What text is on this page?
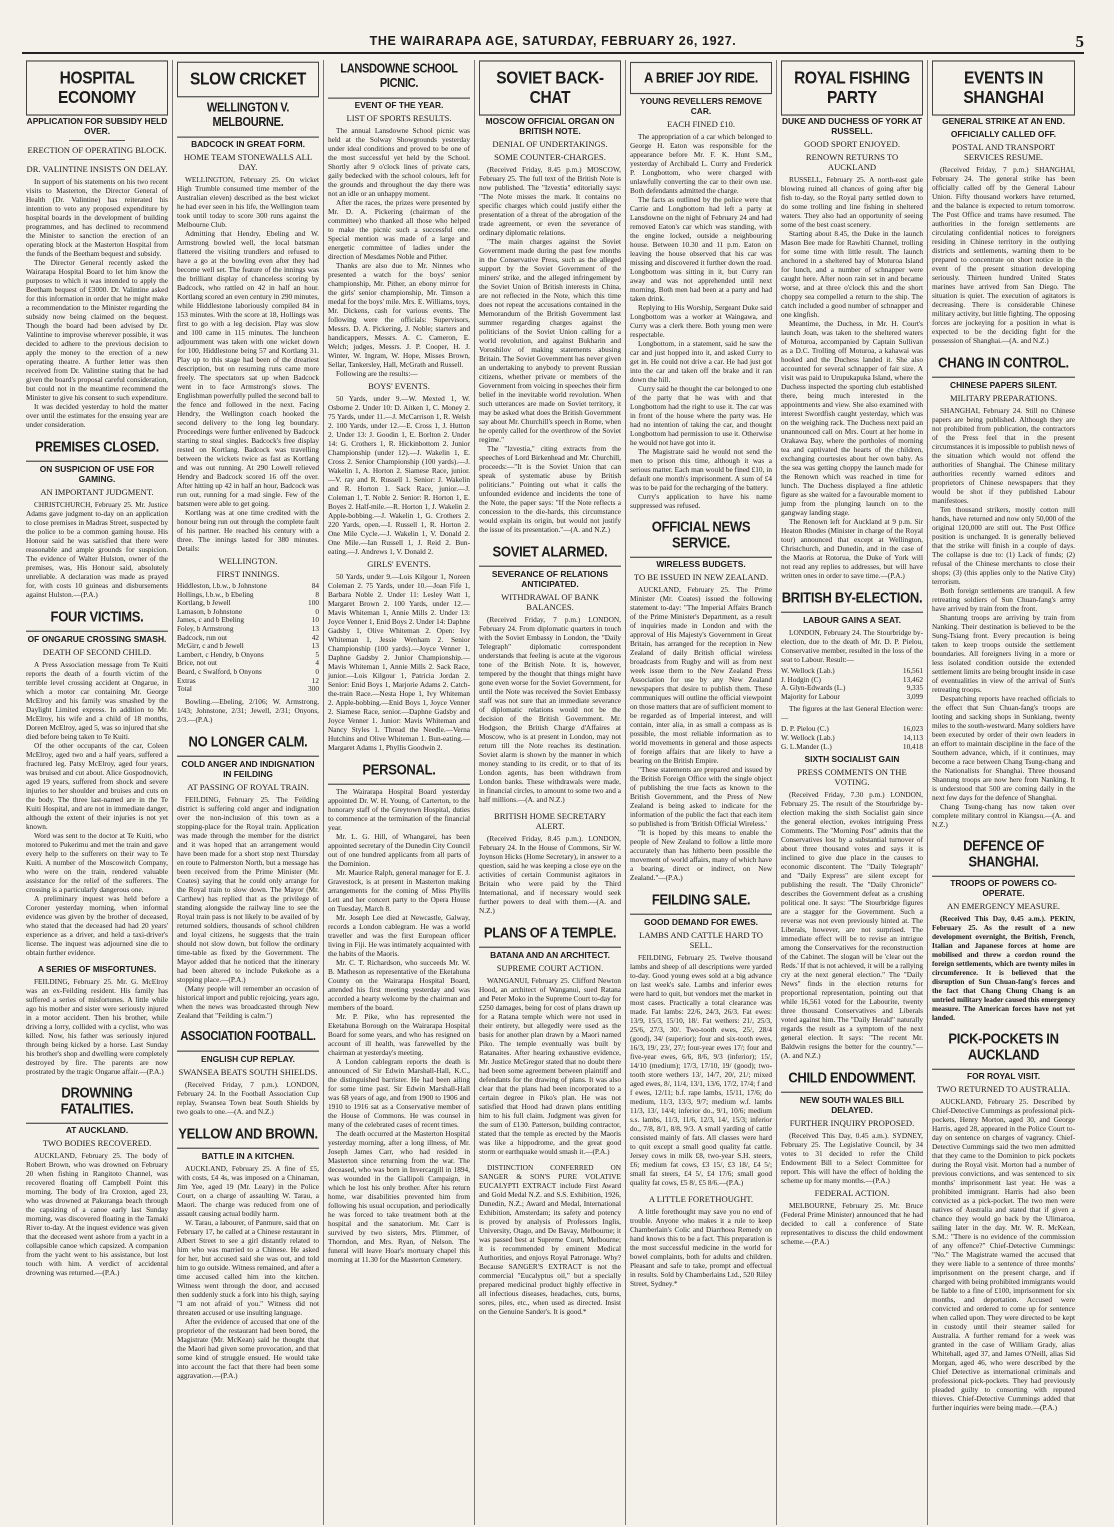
THE WAIRARAPA AGE, SATURDAY, FEBRUARY 26, 1927.	5
HOSPITAL ECONOMY
APPLICATION FOR SUBSIDY HELD OVER.
ERECTION OF OPERATING BLOCK.
DR. VALINTINE INSISTS ON DELAY.

In support of his statements on his two recent visits to Masterton, the Director General of Health (Dr. Valintine) has reiterated his intention to veto any proposed expenditure by hospital boards in the development of building programmes, and has declined to recommend the Minister to sanction the erection of an operating block at the Masterton Hospital from the funds of the Beetham bequest and subsidy.

The Director General recently asked the Wairarapa Hospital Board to let him know the purposes to which it was intended to apply the Beetham bequest of £3000. Dr. Valintine asked for this information in order that he might make a recommendation to the Minister regarding the subsidy now being claimed on the bequest. Though the board had been advised by Dr. Valintine to improvise wherever possible, it was decided to adhere to the previous decision to apply the money to the erection of a new operating theatre. A further letter was then received from Dr. Valintine stating that he had given the board's proposal careful consideration, but could not in the meantime recommend the Minister to give his consent to such expenditure.

It was decided yesterday to hold the matter over until the estimates for the ensuing year are under consideration.

PREMISES CLOSED.
ON SUSPICION OF USE FOR GAMING.
AN IMPORTANT JUDGMENT.

CHRISTCHURCH, February 25. Mr. Justice Adams gave judgment to-day on an application to close premises in Madras Street, suspected by the police to be a common gaming house. His Honour said he was satisfied that there were reasonable and ample grounds for suspicion. The evidence of Walter Hulston, owner of the premises, was, His Honour said, absolutely unreliable. A declaration was made as prayed for, with costs 10 guineas and disbursements against Hulston.—(P.A.)

FOUR VICTIMS.
OF ONGARUE CROSSING SMASH.
DEATH OF SECOND CHILD.

A Press Association message from Te Kuiti reports the death of a fourth victim of the terrible level crossing accident at Ongarue, in which a motor car containing Mr. George McElroy and his family was smashed by the Daylight Limited express. In addition to Mr. McElroy, his wife and a child of 18 months, Doreen McElroy, aged 5, was so injured that she died before being taken to Te Kuiti.

Of the other occupants of the car, Coleen McElroy, aged two and a half years, suffered a fractured leg. Patsy McElroy, aged four years, was bruised and cut about. Alice Gospodnovich, aged 19 years, suffered from shock and severe injuries to her shoulder and bruises and cuts on the body. The three last-named are in the Te Kuiti Hospital, and are not in immediate danger, although the extent of their injuries is not yet known.

Word was sent to the doctor at Te Kuiti, who motored to Pukerimu and met the train and gave every help to the sufferers on their way to Te Kuiti. A number of the Moscowitch Company, who were on the train, rendered valuable assistance for the relief of the sufferers. The crossing is a particularly dangerous one.

A preliminary inquest was held before a Coroner yesterday morning, when informal evidence was given by the brother of deceased, who stated that the deceased had had 20 years' experience as a driver, and held a taxi-driver's license. The inquest was adjourned sine die to obtain further evidence.

A SERIES OF MISFORTUNES.

FEILDING, February 25. Mr. G. McElroy was an ex-Feilding resident. His family has suffered a series of misfortunes. A little while ago his mother and sister were seriously injured in a motor accident. Then his brother, while driving a lorry, collided with a cyclist, who was killed. Now, his father was seriously injured through being kicked by a horse. Last Sunday his brother's shop and dwelling were completely destroyed by fire. The parents are now prostrated by the tragic Ongarue affair.—(P.A.)

DROWNING FATALITIES.
AT AUCKLAND.
TWO BODIES RECOVERED.

AUCKLAND, February 25. The body of Robert Brown, who was drowned on February 20 when fishing in Rangitoto Channel, was recovered floating off Campbell Point this morning. The body of Ira Croxton, aged 23, who was drowned at Pakuranga beach through the capsizing of a canoe early last Sunday morning, was discovered floating in the Tamaki River to-day. At the inquest evidence was given that the deceased went ashore from a yacht in a collapsible canoe which capsized. A companion from the yacht went to his assistance, but lost touch with him. A verdict of accidental drowning was returned.—(P.A.)

SLOW CRICKET
WELLINGTON V. MELBOURNE.
BADCOCK IN GREAT FORM.
HOME TEAM STONEWALLS ALL DAY.

WELLINGTON, February 25. On wicket High Trumble consumed time member of the Australian eleven) described as the best wicket he had ever seen in his life, the Wellington team took until today to score 300 runs against the Melbourne Club.

Admitting that Hendry, Ebeling and W. Armstrong bowled well, the local batsman flattered the visiting trundlers and refused to have a go at the bowling even after they had become well set. The feature of the innings was the brilliant display of chanceless scoring by Badcock, who rattled on 42 in half an hour. Kortlang scored an even century in 290 minutes, while Hiddlestone laboriously compiled 84 in 153 minutes. With the score at 18, Hollings was first to go with a leg decision. Play was slow and 100 came in 115 minutes. The luncheon adjournment was taken with one wicket down for 100, Hiddlestone being 57 and Kortlang 31. Play up to this stage had been of the dreariest description, but on resuming runs came more freely. The spectators sat up when Badcock went in to face Armstrong's slows. The Englishman powerfully pulled the second ball to the fence and followed in the next. Facing Hendry, the Wellington coach hooked the second delivery to the long leg boundary. Proceedings were further enlivened by Badcock starting to steal singles. Badcock's free display rested on Kortlang. Badcock was travelling between the wickets twice as fast as Kortlang and was out running. At 290 Lowell relieved Hendry and Badcock scored 16 off the over. After hitting up 42 in half an hour, Badcock was run out, running for a mad single. Few of the batsmen were able to get going.

Kortlang was at one time credited with the honour being run out through the complete fault of his partner. He reached his century with a three. The innings lasted for 380 minutes. Details:

WELLINGTON.
FIRST INNINGS.
Hiddleston, l.b.w., b Johnstone	84
Hollings, l.b.w., b Ebeling	8
Kortlang, b Jewell	100
Lamason, b Johnstone	0
James, c and b Ebeling	10
Foley, b Armstrong	13
Badcock, run out	42
McGirr, c and b Jewell	13
Lambert, c Hendry, b Onyons	5
Brice, not out	4
Beard, c Swalford, b Onyons	0
Extras	12
Total	300

Bowling.—Ebeling, 2/106; W. Armstrong, 1/43; Johnstone, 2/31; Jewell, 2/31; Onyons, 2/3.—(P.A.)

NO LONGER CALM.
COLD ANGER AND INDIGNATION IN FEILDING
AT PASSING OF ROYAL TRAIN.

FEILDING, February 25. The Feilding district is suffering cold anger and indignation over the non-inclusion of this town as a stopping-place for the Royal train. Application was made through the member for the district and it was hoped that an arrangement would have been made for a short stop next Thursday en route to Palmerston North, but a message has been received from the Prime Minister (Mr. Coates) saying that he could only arrange for the Royal train to slow down. The Mayor (Mr. Carthew) has replied that as the privilege of standing alongside the railway line to see the Royal train pass is not likely to be availed of by returned soldiers, thousands of school children and loyal citizens, he suggests that the train should not slow down, but follow the ordinary time-table as fixed by the Government. The Mayor added that he noticed that the itinerary had been altered to include Pukekohe as a stopping place.—(P.A.)

(Many people will remember an occasion of historical import and public rejoicing, years ago, when the news was broadcasted through New Zealand that "Feilding is calm.")

ASSOCIATION FOOTBALL.
ENGLISH CUP REPLAY.
SWANSEA BEATS SOUTH SHIELDS.

(Received Friday, 7 p.m.). LONDON, February 24. In the Football Association Cup replay, Swansea Town beat South Shields by two goals to one.—(A. and N.Z.)

YELLOW AND BROWN.
BATTLE IN A KITCHEN.

AUCKLAND, February 25. A fine of £5, with costs, £4 4s, was imposed on a Chinaman, Jim Yee, aged 19 (Mr. Leary) in the Police Court, on a charge of assaulting W. Tarau, a Maori. The charge was reduced from one of assault causing actual bodily harm.

W. Tarau, a labourer, of Panmure, said that on February 17, he called at a Chinese restaurant in Albert Street to see a girl distantly related to him who was married to a Chinese. He asked for her, but accused said she was out, and told him to go outside. Witness remained, and after a time accused called him into the kitchen. Witness went through the door, and accused then suddenly stuck a fork into his thigh, saying "I am not afraid of you." Witness did not threaten accused or use insulting language.

After the evidence of accused that one of the proprietor of the restaurant had been bored, the Magistrate (Mr. McKean) said he thought that the Maori had given some provocation, and that some kind of struggle ensued. He would take into account the fact that there had been some aggravation.—(P.A.)

LANSDOWNE SCHOOL PICNIC.
EVENT OF THE YEAR.
LIST OF SPORTS RESULTS.

The annual Lansdowne School picnic was held at the Solway Showgrounds yesterday under ideal conditions and proved to be one of the most successful yet held by the School. Shortly after 9 o'clock lines of private cars, gaily bedecked with the school colours, left for the grounds and throughout the day there was not an idle or an unhappy moment.

After the races, the prizes were presented by Mr. D. A. Pickering (chairman of the committee) who thanked all those who helped to make the picnic such a successful one. Special mention was made of a large and energetic committee of ladies under the direction of Mesdames Noble and Pither.

Thanks are also due to Mr. Ninnes who presented a watch for the boys' senior championship, Mr. Pither, an ebony mirror for the girls' senior championship, Mr. Timson a medal for the boys' mile. Mrs. E. Williams, toys, Mr. Dickens, cash for various events. The following were the officials: Supervisors, Messrs. D. A. Pickering, J. Noble; starters and handicappers, Messrs. A. C. Cameron, E. Welch; judges, Messrs. J. P. Cooper, H. J. Winter, W. Ingram, W. Hope, Misses Brown, Sellar, Tankersley, Hall, McGrath and Russell.

Following are the results:—

BOYS' EVENTS.

50 Yards, under 9.—W. Mexted 1, W. Osborne 2. Under 10: D. Aitken 1, C. Money 2. 75 Yards, under 11.—J. McCarrison 1, R. Welsh 2. 100 Yards, under 12.—E. Cross 1, J. Hutton 2. Under 13: J. Goodin 1, E. Borlton 2. Under 14: G. Crothers 1, R. Hickinbottom 2. Junior Championship (under 12).—J. Wakelin 1, E. Cross 2. Senior Championship (100 yards).—J. Wakelin 1, A. Horton 2. Siamese Race, junior.—V. ray and R. Russell 1. Senior: J. Wakelin and R. Horton 1. Sack Race, junior.—J. Coleman 1, T. Noble 2. Senior: R. Horton 1, E. Boyes 2. Half-mile.—R. Horton 1, J. Wakelin 2. Apple-bobbing.—J. Wakelin 1, G. Crothers 2. 220 Yards, open.—I. Russell 1, R. Horton 2. One Mile Cycle.—J. Wakelin 1, V. Donald 2. One Mile.—Ian Russell 1, J. Reid 2. Bun-eating.—J. Andrews 1, V. Donald 2.

GIRLS' EVENTS.

50 Yards, under 9.—Lois Kilgour 1, Noreen Coleman 2. 75 Yards, under 10.—Joan Fife 1, Barbara Noble 2. Under 11: Lesley Watt 1, Margaret Brown 2. 100 Yards, under 12.—Mavis Whiteman 1, Annie Mills 2. Under 13: Joyce Venner 1, Enid Boys 2. Under 14: Daphne Gadsby 1, Olive Whiteman 2. Open: Ivy Whiteman 1, Jessie Wenham 2. Senior Championship (100 yards).—Joyce Venner 1, Daphne Gadsby 2. Junior Championship.—Mavis Whiteman 1, Annie Mills 2. Sack Race, junior.—Lois Kilgour 1, Patricia Jordan 2. Senior: Enid Boys 1, Marjorie Adams 2. Catch-the-train Race.—Nesta Hope 1, Ivy Whiteman 2. Apple-bobbing.—Enid Boys 1, Joyce Venner 2. Siamese Race, senior.—Daphne Gadsby and Joyce Venner 1. Junior: Mavis Whiteman and Nancy Styles 1. Thread the Needle.—Verna Hutchins and Olive Whiteman 1. Bun-eating.—Margaret Adams 1, Phyllis Goodwin 2.

PERSONAL.

The Wairarapa Hospital Board yesterday appointed Dr. W. H. Young, of Carterton, to the honorary staff of the Greytown Hospital, duties to commence at the termination of the financial year.

Mr. L. G. Hill, of Whangarei, has been appointed secretary of the Dunedin City Council out of one hundred applicants from all parts of the Dominion.

Mr. Maurice Ralph, general manager for E. J. Gravestock, is at present in Masterton making arrangements for the coming of Miss Phyllis Lett and her concert party to the Opera House on Tuesday, March 8.

Mr. Joseph Lee died at Newcastle, Galway, records a London cablegram. He was a world traveller and was the first European officer living in Fiji. He was intimately acquainted with the habits of the Maoris.

Mr. C. T. Richardson, who succeeds Mr. W. B. Matheson as representative of the Eketahuna County on the Wairarapa Hospital Board, attended his first meeting yesterday and was accorded a hearty welcome by the chairman and members of the board.

Mr. P. Pike, who has represented the Eketahuna Borough on the Wairarapa Hospital Board for some years, and who has resigned on account of ill health, was farewelled by the chairman at yesterday's meeting.

A London cablegram reports the death is announced of Sir Edwin Marshall-Hall, K.C., the distinguished barrister. He had been ailing for some time past. Sir Edwin Marshall-Hall was 68 years of age, and from 1900 to 1906 and 1910 to 1916 sat as a Conservative member of the House of Commons. He was counsel in many of the celebrated cases of recent times.

The death occurred at the Masterton Hospital yesterday morning, after a long illness, of Mr. Joseph James Carr, who had resided in Masterton since returning from the war. The deceased, who was born in Invercargill in 1894, was wounded in the Gallipoli Campaign, in which he lost his only brother. After his return home, war disabilities prevented him from following his usual occupation, and periodically he was forced to take treatment both at the hospital and the sanatorium. Mr. Carr is survived by two sisters, Mrs. Plimmer, of Thorndon, and Mrs. Ryan, of Nelson. The funeral will leave Hoar's mortuary chapel this morning at 11.30 for the Masterton Cemetery.

SOVIET BACK-CHAT
MOSCOW OFFICIAL ORGAN ON BRITISH NOTE.
DENIAL OF UNDERTAKINGS.
SOME COUNTER-CHARGES.

(Received Friday, 8.45 p.m.) MOSCOW, February 25. The full text of the British Note is now published. The "Izvestia" editorially says: "The Note misses the mark. It contains no specific charges which could justify either the presentation of a threat of the abrogation of the trade agreement, or even the severance of ordinary diplomatic relations.

"The main charges against the Soviet Government made during the past few months in the Conservative Press, such as the alleged support by the Soviet Government of the miners' strike, and the alleged infringement by the Soviet Union of British interests in China, are not reflected in the Note, which this time does not repeat the accusations contained in the Memorandum of the British Government last summer regarding charges against the politicians of the Soviet Union calling for a world revolution, and against Bukharin and Voroshilov of making statements abusing Britain. The Soviet Government has never given an undertaking to anybody to prevent Russian citizens, whether private or members of the Government from voicing in speeches their firm belief in the inevitable world revolution. When such utterances are made on Soviet territory, it may be asked what does the British Government say about Mr. Churchill's speech in Rome, when he openly called for the overthrow of the Soviet regime."

The "Izvestia," citing extracts from the speeches of Lord Birkenhead and Mr. Churchill, proceeds:—"It is the Soviet Union that can speak of systematic abuse by British politicians." Pointing out what it calls the unfounded evidence and incidents the tone of the Note, the paper says: "If the Note reflects a concession to the die-hards, this circumstance would explain its origin, but would not justify the issue of its presentation."—(A. and N.Z.)

SOVIET ALARMED.
SEVERANCE OF RELATIONS ANTICIPATED.
WITHDRAWAL OF BANK BALANCES.

(Received Friday, 7 p.m.) LONDON, February 24. From diplomatic quarters in touch with the Soviet Embassy in London, the "Daily Telegraph" diplomatic correspondent understands that feeling is acute at the vigorous tone of the British Note. It is, however, tempered by the thought that things might have gone even worse for the Soviet Government, for until the Note was received the Soviet Embassy staff was not sure that an immediate severance of diplomatic relations would not be the decision of the British Government. Mr. Hodgson, the British Charge d'Affaires at Moscow, who is at present in London, may not return till the Note reaches its destination. Soviet alarm is shown by the manner in which money standing to its credit, or to that of its London agents, has been withdrawn from London banks. These withdrawals were made, in financial circles, to amount to some two and a half millions.—(A. and N.Z.)

BRITISH HOME SECRETARY ALERT.

(Received Friday, 8.45 p.m.). LONDON, February 24. In the House of Commons, Sir W. Joynson Hicks (Home Secretary), in answer to a question, said he was keeping a close eye on the activities of certain Communist agitators in Britain who were paid by the Third International, and if necessary would seek further powers to deal with them.—(A. and N.Z.)

PLANS OF A TEMPLE.
BATANA AND AN ARCHITECT.
SUPREME COURT ACTION.

WANGANUI, February 25. Clifford Newton Hood, an architect of Wanganui, sued Ratana and Peter Moko in the Supreme Court to-day for £250 damages, being for cost of plans drawn up for a Ratana temple which were not used in their entirety, but allegedly were used as the basis for another plan drawn by a Maori named Piko. The temple eventually was built by Ratanaites. After hearing exhaustive evidence, Mr. Justice McGregor stated that no doubt there had been some agreement between plaintiff and defendants for the drawing of plans. It was also clear that the plans had been incorporated to a certain degree in Piko's plan. He was not satisfied that Hood had drawn plans entitling him to his full claim. Judgment was given for the sum of £130. Patterson, building contractor, stated that the temple as erected by the Maoris was like a hippodrome, and the great good storm or earthquake would smash it.—(P.A.)

DISTINCTION CONFERRED ON SANGER & SON'S PURE VOLATIVE EUCALYPTI EXTRACT include First Award and Gold Medal N.Z. and S.S. Exhibition, 1926, Dunedin, N.Z.; Award and Medal, International Exhibition, Amsterdam; its safety and potency is proved by analysis of Professors Inglis, University, Otago, and De Bavay, Melbourne; it was passed best at Supreme Court, Melbourne; it is recommended by eminent Medical Authorities, and enjoys Royal Patronage. Why? Because SANGER'S EXTRACT is not the commercial "Eucalyptus oil," but a specially prepared medicinal product highly effective in all infectious diseases, headaches, cuts, burns, sores, piles, etc., when used as directed. Insist on the Genuine Sander's. It is good.*

A BRIEF JOY RIDE.
YOUNG REVELLERS REMOVE CAR.
EACH FINED £10.

The appropriation of a car which belonged to George H. Eaton was responsible for the appearance before Mr. F. K. Hunt S.M., yesterday of Archibald L. Curry and Frederick P. Longbottom, who were charged with unlawfully converting the car to their own use. Both defendants admitted the charge.

The facts as outlined by the police were that Carrie and Longbottom had left a party at Lansdowne on the night of February 24 and had removed Eaton's car which was standing, with the engine locked, outside a neighbouring house. Between 10.30 and 11 p.m. Eaton on leaving the house observed that his car was missing and discovered it further down the road. Longbottom was sitting in it, but Curry ran away and was not apprehended until next morning. Both men had been at a party and had taken drink.

Replying to His Worship, Sergeant Duke said Longbottom was a worker at Waingawa, and Curry was a clerk there. Both young men were respectable.

Longbottom, in a statement, said he saw the car and just hopped into it, and asked Curry to get in. He could not drive a car. He had just got into the car and taken off the brake and it ran down the hill.

Curry said he thought the car belonged to one of the party that he was with and that Longbottom had the right to use it. The car was in front of the house where the party was. He had no intention of taking the car, and thought Longbottom had permission to use it. Otherwise he would not have got into it.

The Magistrate said he would not send the men to prison this time, although it was a serious matter. Each man would be fined £10, in default one month's imprisonment. A sum of £4 was to be paid for the recharging of the battery.

Curry's application to have his name suppressed was refused.

OFFICIAL NEWS SERVICE.
WIRELESS BUDGETS.
TO BE ISSUED IN NEW ZEALAND.

AUCKLAND, February 25. The Prime Minister (Mr. Coates) issued the following statement to-day: "The Imperial Affairs Branch of the Prime Minister's Department, as a result of inquiries made in London and with the approval of His Majesty's Government in Great Britain, has arranged for the reception in New Zealand of daily British official wireless broadcasts from Rugby and will as from next week issue them to the New Zealand Press Association for use by any New Zealand newspapers that desire to publish them. These communiques will outline the official viewpoint on those matters that are of sufficient moment to be regarded as of Imperial interest, and will contain, inter alia, in as small a compass as is possible, the most reliable information as to world movements in general and those aspects of foreign affairs that are likely to have a bearing on the British Empire.

"These statements are prepared and issued by the British Foreign Office with the single object of publishing the true facts as known to the British Government, and the Press of New Zealand is being asked to indicate for the information of the public the fact that each item so published is from 'British Official Wireless.'

"It is hoped by this means to enable the people of New Zealand to follow a little more accurately than has hitherto been possible the movement of world affairs, many of which have a bearing, direct or indirect, on New Zealand."—(P.A.)

FEILDING SALE.
GOOD DEMAND FOR EWES.
LAMBS AND CATTLE HARD TO SELL.

FEILDING, February 25. Twelve thousand lambs and sheep of all descriptions were yarded to-day. Good young ewes sold at a big advance on last week's sale. Lambs and inferior ewes were hard to quit, but vendors met the market in most cases. Practically a total clearance was made. Fat lambs: 22/6, 24/3, 26/3. Fat ewes: 13/9, 15/3, 15/10, 18/. Fat wethers: 21/, 25/3, 25/6, 27/3, 30/. Two-tooth ewes, 25/, 28/4 (good), 34/ (superior); four and six-tooth ewes, 16/3, 19/, 23/, 27/; four-year ewes 17/; four and five-year ewes, 6/6, 8/6, 9/3 (inferior); 15/, 14/10 (medium); 17/3, 17/10, 19/ (good); two-tooth store wethers 13/, 14/7, 20/, 21/; mixed aged ewes, 8/, 11/4, 13/1, 13/6, 17/2, 17/4; f and f ewes, 12/11; b.f. rape lambs, 15/11, 17/6; do medium, 11/3, 13/3, 9/7; medium w.f. lambs 11/3, 13/, 14/4; inferior do., 9/1, 10/6; medium s.s. lambs, 11/3, 11/6, 12/3, 14/, 15/3; inferior do., 7/8, 8/1, 8/8, 9/3. A small yarding of cattle consisted mainly of fats. All classes were hard to quit except a small good quality fat cattle. Jersey cows in milk £8, two-year S.H. steers, £6; medium fat cows, £3 15/, £3 18/, £4 5/; small fat steers, £4 5/, £4 17/6; small good quality fat cows, £5 8/, £5 8/6.—(P.A.)

A LITTLE FORETHOUGHT.

A little forethought may save you no end of trouble. Anyone who makes it a rule to keep Chamberlain's Colic and Diarrhoea Remedy on hand knows this to be a fact. This preparation is the most successful medicine in the world for bowel complaints, both for adults and children. Pleasant and safe to take, prompt and effectual in results. Sold by Chamberlains Ltd., 520 Riley Street, Sydney.*

ROYAL FISHING PARTY
DUKE AND DUCHESS OF YORK AT RUSSELL.
GOOD SPORT ENJOYED.
RENOWN RETURNS TO AUCKLAND

RUSSELL, February 25. A north-east gale blowing ruined all chances of going after big fish to-day, so the Royal party settled down to do some trolling and line fishing in sheltered waters. They also had an opportunity of seeing some of the best coast scenery.

Starting about 8.45, the Duke in the launch Mason Bee made for Rawhiti Channel, trolling for some time with little result. The launch anchored in a sheltered bay of Moturoa Island for lunch, and a number of schnapper were caught here. After noon rain set in and became worse, and at three o'clock this and the short choppy sea compelled a return to the ship. The catch included a good number of schnapper and one kingfish.

Meantime, the Duchess, in Mr. H. Court's launch Joan, was taken to the sheltered waters of Moturoa, accompanied by Captain Sullivan as a D.C. Trolling off Moturoa, a kahawai was hooked and the Duchess landed it. She also accounted for several schnapper of fair size. A visit was paid to Urupukapuka Island, where the Duchess inspected the sporting club established there, being much interested in the appointments and view. She also examined with interest Swordfish caught yesterday, which was on the weighing rack. The Duchess next paid an unannounced call on Mrs. Court at her home in Orakawa Bay, where the portholes of morning tea and captivated the hearts of the children, exchanging courtesies about her own baby. As the sea was getting choppy the launch made for the Renown which was reached in time for lunch. The Duchess displayed a fine athletic figure as she waited for a favourable moment to jump from the plunging launch on to the gangway landing stage.

The Renown left for Auckland at 9 p.m. Sir Heaton Rhodes (Minister in charge of the Royal tour) announced that except at Wellington, Christchurch, and Dunedin, and in the case of the Maoris at Rotorua, the Duke of York will not read any replies to addresses, but will have written ones in order to save time.—(P.A.)

BRITISH BY-ELECTION.
LABOUR GAINS A SEAT.

LONDON, February 24. The Stourbridge by-election, due to the death of Mr. D. P. Pielou, Conservative member, resulted in the loss of the seat to Labour. Result:—

W. Wellock (Lab.)	16,561
J. Hodgin (C)	13,462
A. Glyn-Edwards (L.)	9,335
Majority for Labour	3,099

The figures at the last General Election were:—

D. P. Pielou (C.)	16,023
W. Wellock (Lab.)	14,113
G. L.Mander (L.)	10,418
SIXTH SOCIALIST GAIN
PRESS COMMENTS ON THE VOTING.

(Received Friday, 7.30 p.m.) LONDON, February 25. The result of the Stourbridge by-election making the sixth Socialist gain since the general election, evokes intriguing Press Comments. The "Morning Post" admits that the Conservatives lost by a substantial turnover of about three thousand votes and says it is inclined to give due place in the causes to economic discontent. The "Daily Telegraph" and "Daily Express" are silent except for publishing the result. The "Daily Chronicle" describes the Government defeat as a crushing political one. It says: "The Stourbridge figures are a stagger for the Government. Such a reverse was not even previously hinted at. The Liberals, however, are not surprised. The immediate effect will be to revise an intrigue among the Conservatives for the reconstruction of the Cabinet. The slogan will be 'clear out the Reds.' If that is not achieved, it will be a rallying cry at the next general election." The "Daily News" finds in the election returns for proportional representation, pointing out that while 16,561 voted for the Labourite, twenty three thousand Conservatives and Liberals voted against him. The "Daily Herald" naturally regards the result as a symptom of the next general election. It says: "The recent Mr. Baldwin resigns the better for the country."—(A. and N.Z.)

CHILD ENDOWMENT.
NEW SOUTH WALES BILL DELAYED.
FURTHER INQUIRY PROPOSED.

(Received This Day, 0.45 a.m.). SYDNEY, February 25. The Legislative Council, by 34 votes to 31 decided to refer the Child Endowment Bill to a Select Committee for report. This will have the effect of holding the scheme up for many months.—(P.A.)

FEDERAL ACTION.

MELBOURNE, February 25. Mr. Bruce (Federal Prime Minister) announced that he had decided to call a conference of State representatives to discuss the child endowment scheme.—(P.A.)

EVENTS IN SHANGHAI
GENERAL STRIKE AT AN END.
OFFICIALLY CALLED OFF.
POSTAL AND TRANSPORT SERVICES RESUME.

(Received Friday, 7 p.m.) SHANGHAI, February 24. The general strike has been officially called off by the General Labour Union. Fifty thousand workers have returned, and the balance is expected to return tomorrow. The Post Office and trams have resumed. The authorities in the foreign settlements are circulating confidential notices to foreigners residing in Chinese territory in the outlying districts and settlements, warning them to be prepared to concentrate on short notice in the event of the present situation developing seriously. Thirteen hundred United States marines have arrived from San Diego. The situation is quiet. The execution of agitators is decreasing. There is considerable Chinese military activity, but little fighting. The opposing forces are jockeying for a position in what is expected to be the deciding fight for the possession of Shanghai.—(A. and N.Z.)

CHANG IN CONTROL.
CHINESE PAPERS SILENT.
MILITARY PREPARATIONS.

SHANGHAI, February 24. Still no Chinese papers are being published. Although they are not prohibited from publication, the contractors of the Press feel that in the present circumstances it is impossible to publish news of the situation which would not offend the authorities of Shanghai. The Chinese military authorities recently warned editors and proprietors of Chinese newspapers that they would be shot if they published Labour manifestoes.

Ten thousand strikers, mostly cotton mill hands, have returned and now only 50,000 of the original 120,000 are still out. The Post Office position is unchanged. It is generally believed that the strike will finish in a couple of days. The collapse is due to: (1) Lack of funds; (2) refusal of the Chinese merchants to close their shops; (3) (this applies only to the Native City) terrorism.

Both foreign settlements are tranquil. A few retreating soldiers of Sun Chuan-fang's army have arrived by train from the front.

Shantung troops are arriving by train from Nanking. Their destination is believed to be the Sung-Tsiang front. Every precaution is being taken to keep troops outside the settlement boundaries. All foreigners living in a more or less isolated condition outside the extended settlement limits are being brought inside in case of eventualities in view of the arrival of Sun's retreating troops.

Despatching reports have reached officials to the effect that Sun Chuan-fang's troops are looting and sacking shops in Sunkiang, twenty miles to the south-westward. Many soldiers have been executed by order of their own leaders in an effort to maintain discipline in the face of the Southern advance, which, if it continues, may become a race between Chang Tsung-chang and the Nationalists for Shanghai. Three thousand Shantung troops are now here from Nanking. It is understood that 500 are coming daily in the next few days for the defence of Shanghai.

Chang Tsung-chang has now taken over complete military control in Kiangsu.—(A. and N.Z.)

DEFENCE OF SHANGHAI.
TROOPS OF POWERS CO-OPERATE.
AN EMERGENCY MEASURE.

(Received This Day, 0.45 a.m.). PEKIN, February 25. As the result of a new development overnight, the British, French, Italian and Japanese forces at home are mobilised and threw a cordon round the foreign settlements, which are twenty miles in circumference. It is believed that the disruption of Sun Chuan-fang's forces and the fact that Chang Chung Chang is an untried military leader caused this emergency measure. The American forces have not yet landed.

PICK-POCKETS IN AUCKLAND
FOR ROYAL VISIT.
TWO RETURNED TO AUSTRALIA.

AUCKLAND, February 25. Described by Chief-Detective Cummings as professional pick-pockets, Henry Morton, aged 30, and George Harris, aged 28, appeared in the Police Court to-day on sentence on charges of vagrancy. Chief-Detective Cummings said the two men admitted that they came to the Dominion to pick pockets during the Royal visit. Morton had a number of previous convictions, and was sentenced to six months' imprisonment last year. He was a prohibited immigrant. Harris had also been convicted as a pick-pocket. The two men were natives of Australia and stated that if given a chance they would go back by the Ulimaroa, sailing later in the day. Mr. W. R. McKean, S.M.: "There is no evidence of the commission of any offence?" Chief-Detective Cummings: "No." The Magistrate warned the accused that they were liable to a sentence of three months' imprisonment on the present charge, and if charged with being prohibited immigrants would be liable to a fine of £100, imprisonment for six months, and deportation. Accused were convicted and ordered to come up for sentence when called upon. They were directed to be kept in custody until their steamer sailed for Australia. A further remand for a week was granted in the case of William Grady, alias Whitehall, aged 37, and James O'Neill, alias Sid Morgan, aged 46, who were described by the Chief Detective as international criminals and professional pick-pockets. They had previously pleaded guilty to consorting with reputed thieves. Chief-Detective Cummings added that further inquiries were being made.—(P.A.)
